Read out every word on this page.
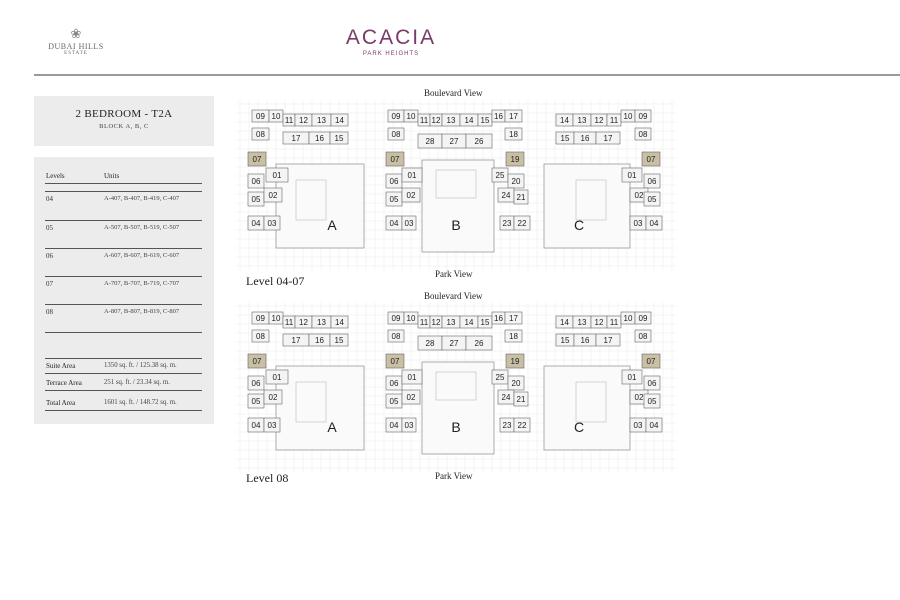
❀
DUBAI HILLS
ESTATE
ACACIA
PARK HEIGHTS
2 BEDROOM - T2A
BLOCK A, B, C
Levels	Units
04	A-407, B-407, B-419, C-407
05	A-507, B-507, B-519, C-507
06	A-607, B-607, B-619, C-607
07	A-707, B-707, B-719, C-707
08	A-807, B-807, B-819, C-807
Suite Area	1350 sq. ft. / 125.38 sq. m.
Terrace Area	251 sq. ft. / 23.34 sq. m.
Total Area	1601 sq. ft. / 148.72 sq. m.
Boulevard View
09 10 11 12 13 14
17 16 15
08
07
06
01
05 02
04 03	A
09 10 11 12 13 14 15 16 17
08	18
28 27 26
07	19
06
01	25
20
05 02	24 21
04 03	23 22
B
14 13 12 11 10 09
15 16 17	08
07
01
06
02 05
03 04
C
Park View
Level 04-07
Boulevard View
09 10 11 12 13 14
17 16 15
08
07
06
01
05 02
04 03	A
09 10 11 12 13 14 15 16 17
08	18
28 27 26
07	19
06
01	25
20
05 02	24 21
04 03	23 22
B
14 13 12 11 10 09
15 16 17	08
07
01
06
02 05
03 04
C
Park View
Level 08
